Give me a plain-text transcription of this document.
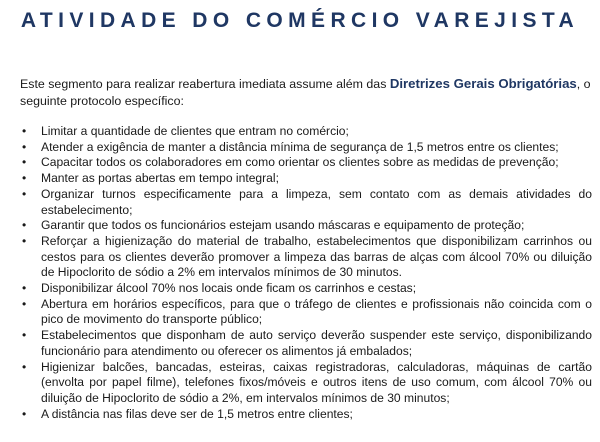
ATIVIDADE DO COMÉRCIO VAREJISTA

Este segmento para realizar reabertura imediata assume além das Diretrizes Gerais Obrigatórias, o seguinte protocolo específico:

• Limitar a quantidade de clientes que entram no comércio;
• Atender a exigência de manter a distância mínima de segurança de 1,5 metros entre os clientes;
• Capacitar todos os colaboradores em como orientar os clientes sobre as medidas de prevenção;
• Manter as portas abertas em tempo integral;
• Organizar turnos especificamente para a limpeza, sem contato com as demais atividades do estabelecimento;
• Garantir que todos os funcionários estejam usando máscaras e equipamento de proteção;
• Reforçar a higienização do material de trabalho, estabelecimentos que disponibilizam carrinhos ou cestos para os clientes deverão promover a limpeza das barras de alças com álcool 70% ou diluição de Hipoclorito de sódio a 2% em intervalos mínimos de 30 minutos.
• Disponibilizar álcool 70% nos locais onde ficam os carrinhos e cestas;
• Abertura em horários específicos, para que o tráfego de clientes e profissionais não coincida com o pico de movimento do transporte público;
• Estabelecimentos que disponham de auto serviço deverão suspender este serviço, disponibilizando funcionário para atendimento ou oferecer os alimentos já embalados;
• Higienizar balcões, bancadas, esteiras, caixas registradoras, calculadoras, máquinas de cartão (envolta por papel filme), telefones fixos/móveis e outros itens de uso comum, com álcool 70% ou diluição de Hipoclorito de sódio a 2%, em intervalos mínimos de 30 minutos;
• A distância nas filas deve ser de 1,5 metros entre clientes;
